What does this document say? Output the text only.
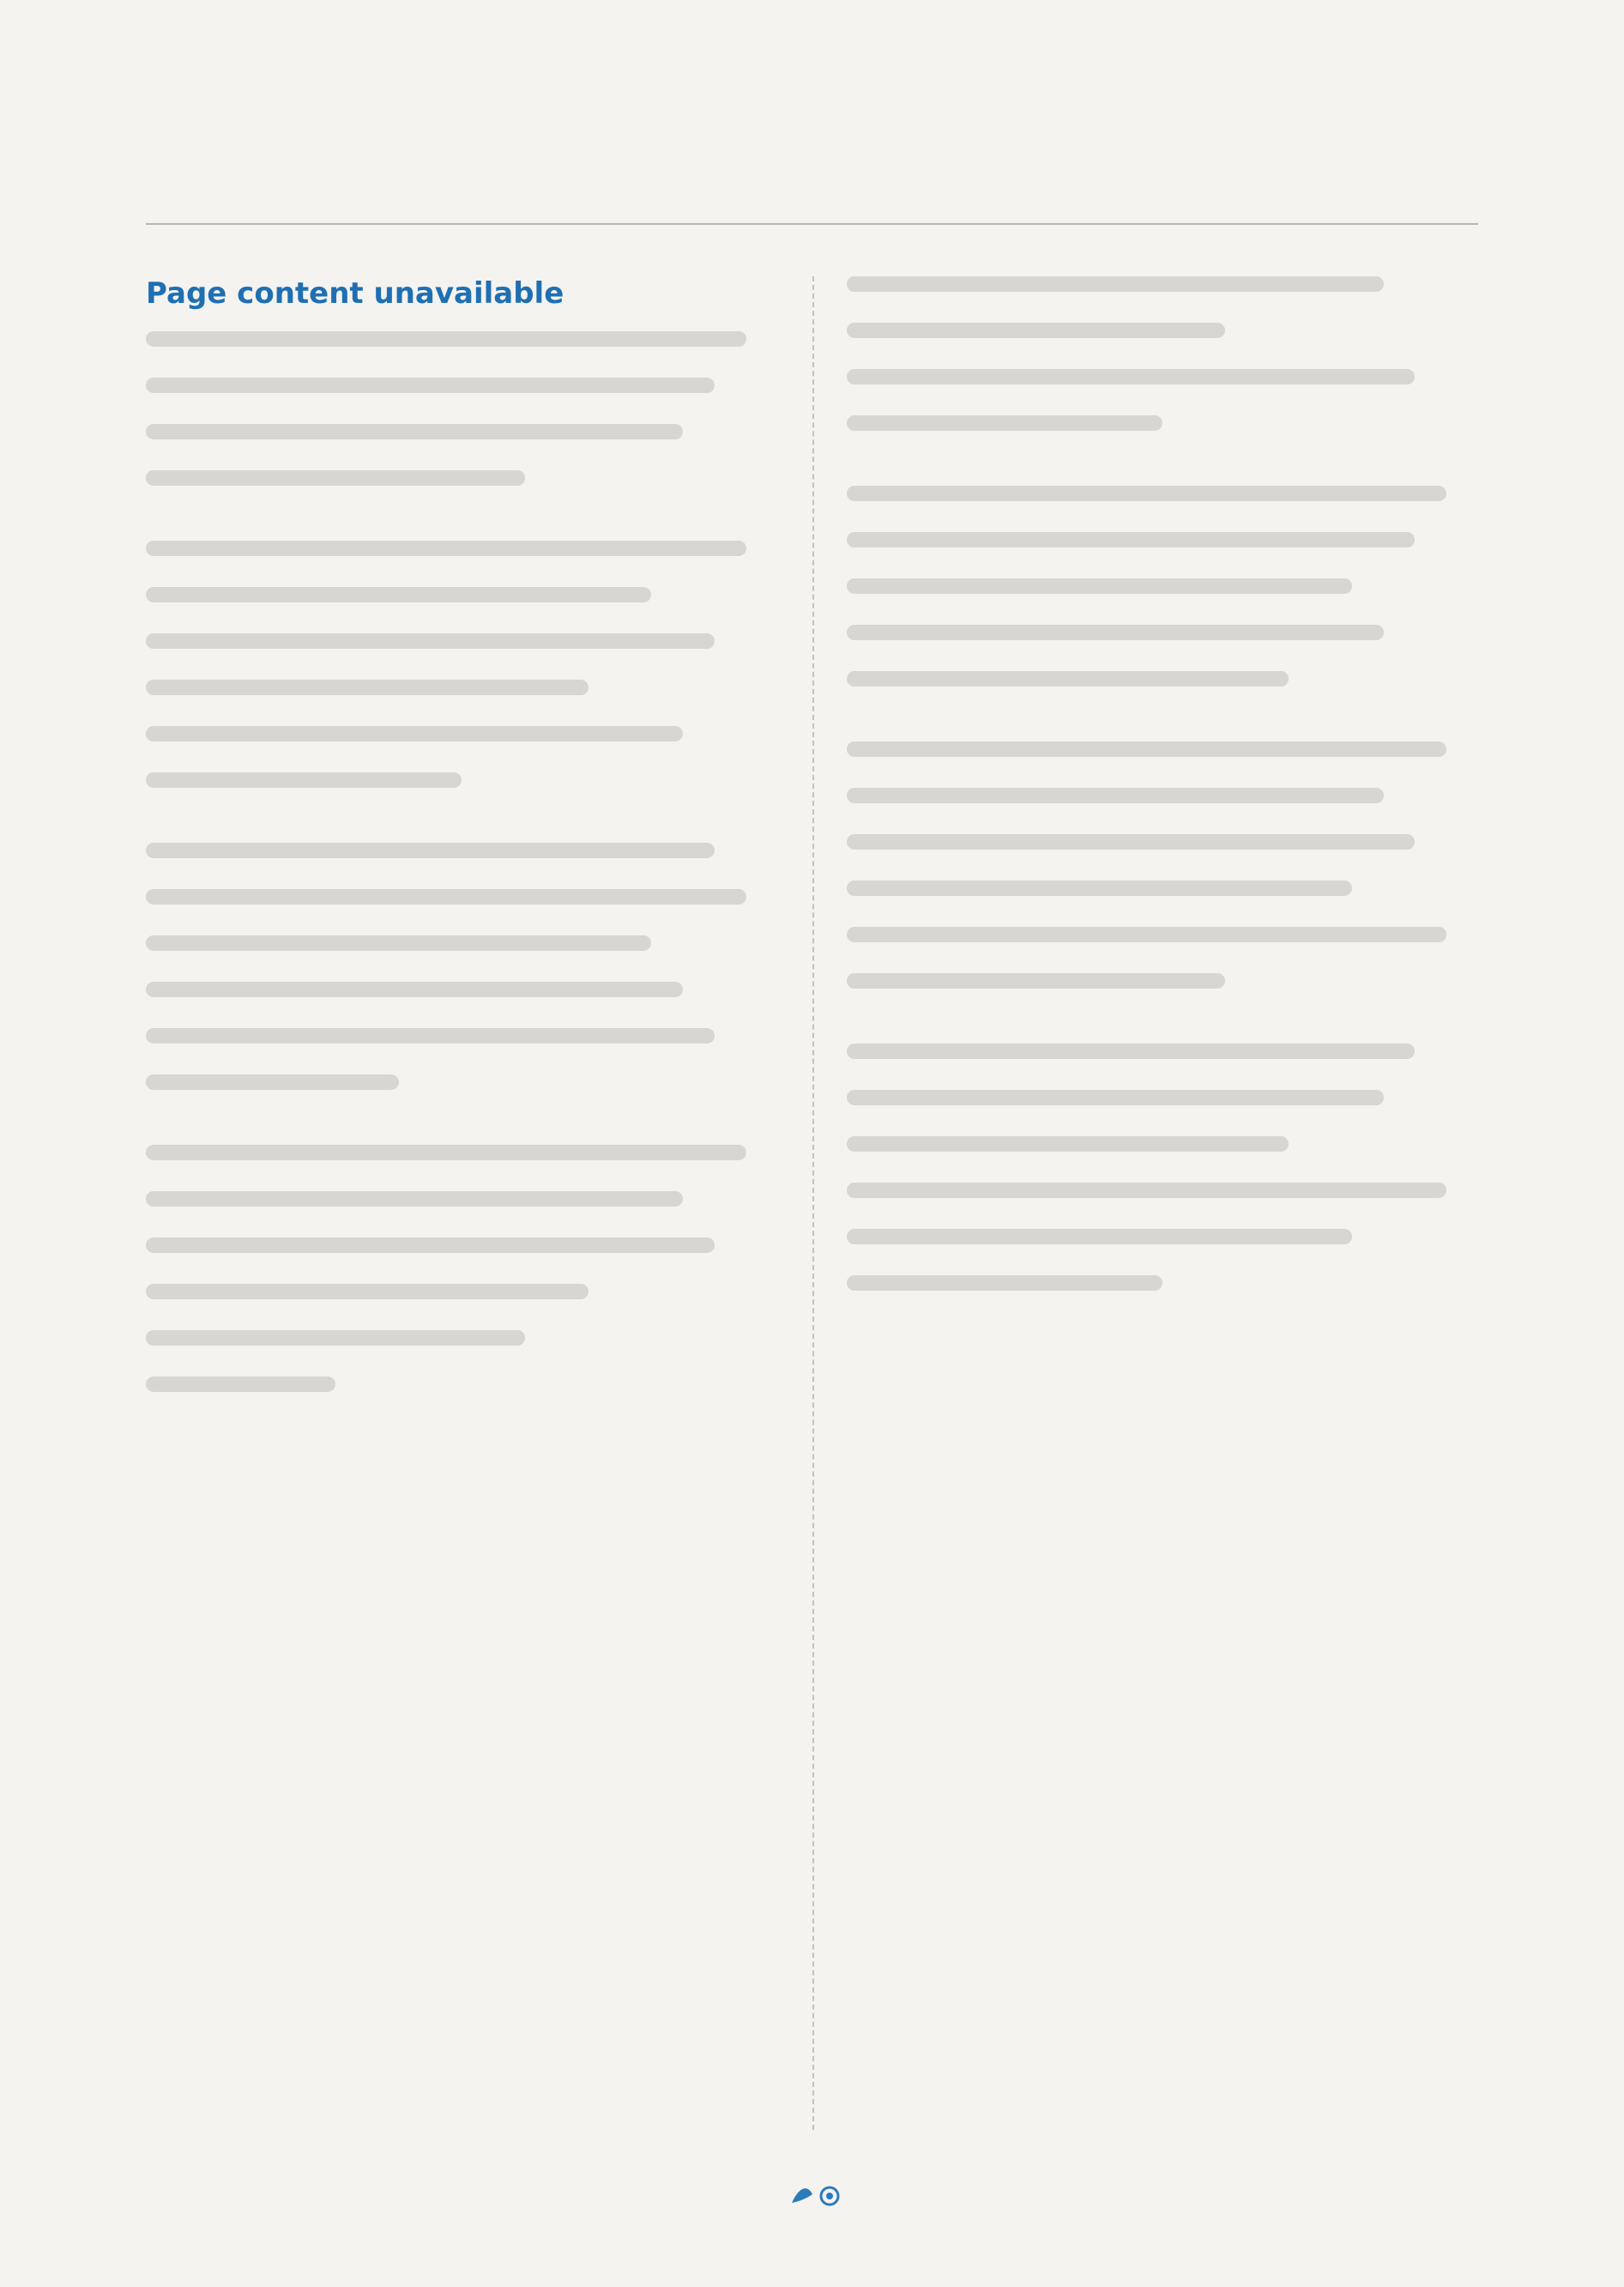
Page content unavailable
